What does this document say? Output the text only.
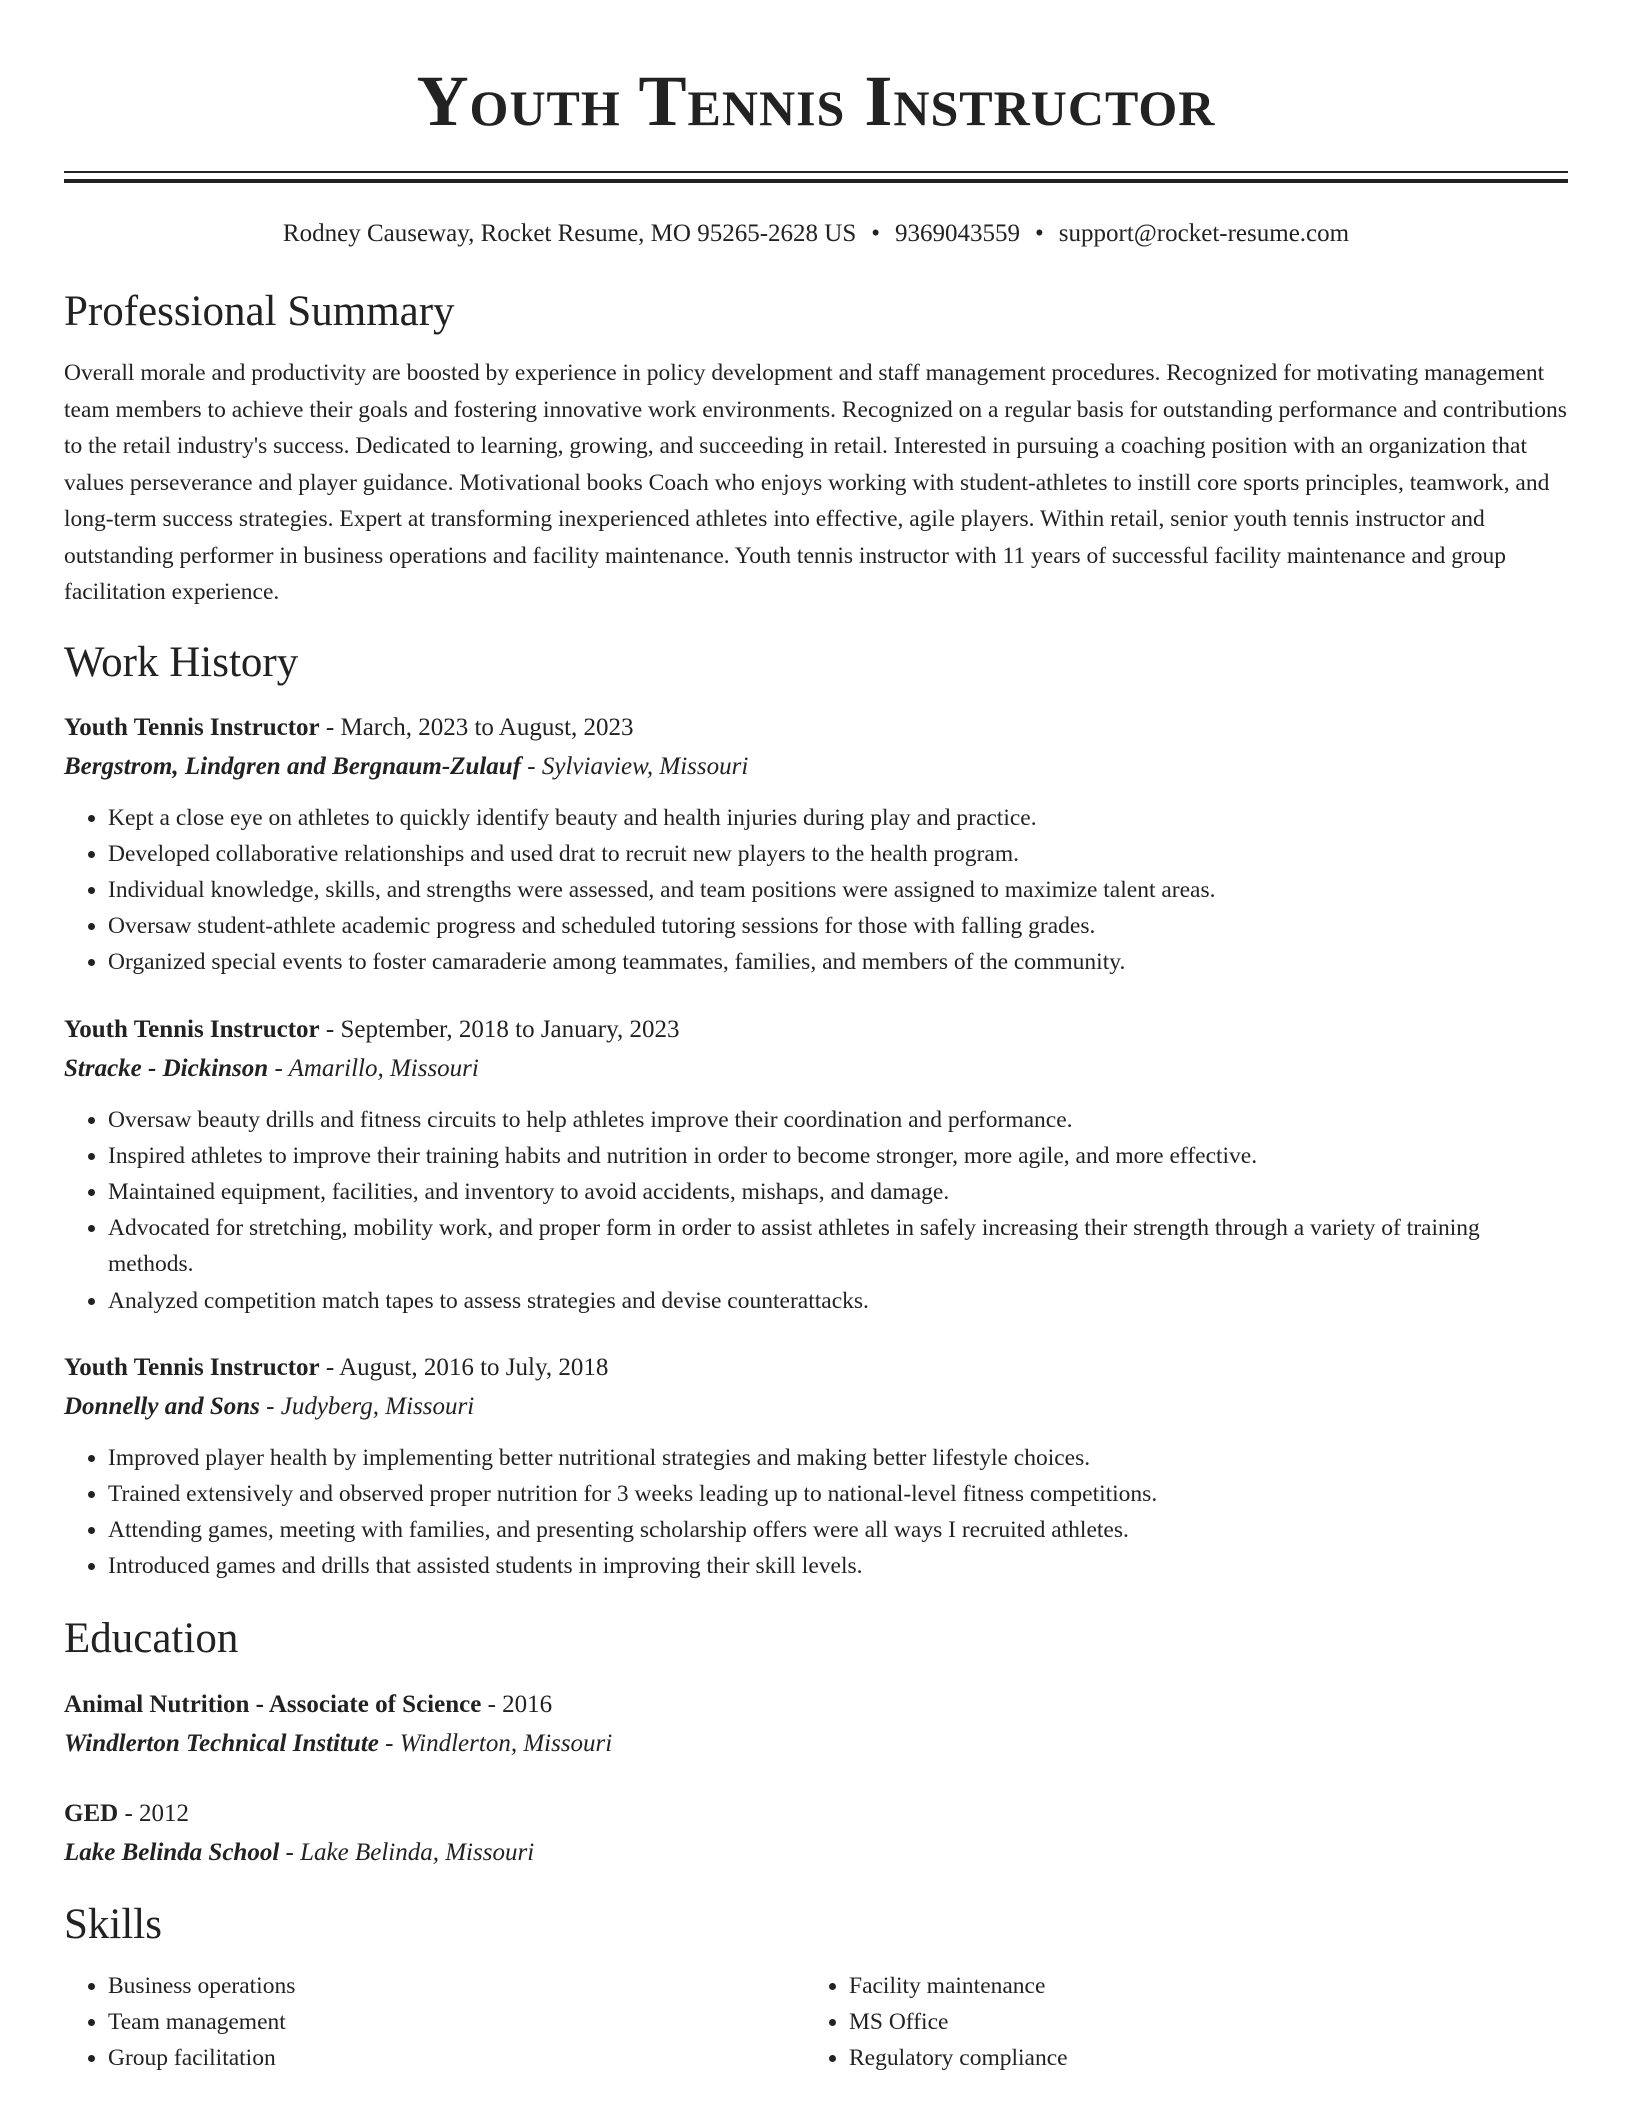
Youth Tennis Instructor
Rodney Causeway, Rocket Resume, MO 95265-2628 US • 9369043559 • support@rocket-resume.com
Professional Summary
Overall morale and productivity are boosted by experience in policy development and staff management procedures. Recognized for motivating management team members to achieve their goals and fostering innovative work environments. Recognized on a regular basis for outstanding performance and contributions to the retail industry's success. Dedicated to learning, growing, and succeeding in retail. Interested in pursuing a coaching position with an organization that values perseverance and player guidance. Motivational books Coach who enjoys working with student-athletes to instill core sports principles, teamwork, and long-term success strategies. Expert at transforming inexperienced athletes into effective, agile players. Within retail, senior youth tennis instructor and outstanding performer in business operations and facility maintenance. Youth tennis instructor with 11 years of successful facility maintenance and group facilitation experience.
Work History
Youth Tennis Instructor - March, 2023 to August, 2023
Bergstrom, Lindgren and Bergnaum-Zulauf - Sylviaview, Missouri
• Kept a close eye on athletes to quickly identify beauty and health injuries during play and practice.
• Developed collaborative relationships and used drat to recruit new players to the health program.
• Individual knowledge, skills, and strengths were assessed, and team positions were assigned to maximize talent areas.
• Oversaw student-athlete academic progress and scheduled tutoring sessions for those with falling grades.
• Organized special events to foster camaraderie among teammates, families, and members of the community.
Youth Tennis Instructor - September, 2018 to January, 2023
Stracke - Dickinson - Amarillo, Missouri
• Oversaw beauty drills and fitness circuits to help athletes improve their coordination and performance.
• Inspired athletes to improve their training habits and nutrition in order to become stronger, more agile, and more effective.
• Maintained equipment, facilities, and inventory to avoid accidents, mishaps, and damage.
• Advocated for stretching, mobility work, and proper form in order to assist athletes in safely increasing their strength through a variety of training methods.
• Analyzed competition match tapes to assess strategies and devise counterattacks.
Youth Tennis Instructor - August, 2016 to July, 2018
Donnelly and Sons - Judyberg, Missouri
• Improved player health by implementing better nutritional strategies and making better lifestyle choices.
• Trained extensively and observed proper nutrition for 3 weeks leading up to national-level fitness competitions.
• Attending games, meeting with families, and presenting scholarship offers were all ways I recruited athletes.
• Introduced games and drills that assisted students in improving their skill levels.
Education
Animal Nutrition - Associate of Science - 2016
Windlerton Technical Institute - Windlerton, Missouri
GED - 2012
Lake Belinda School - Lake Belinda, Missouri
Skills
• Business operations
• Team management
• Group facilitation
• Facility maintenance
• MS Office
• Regulatory compliance
